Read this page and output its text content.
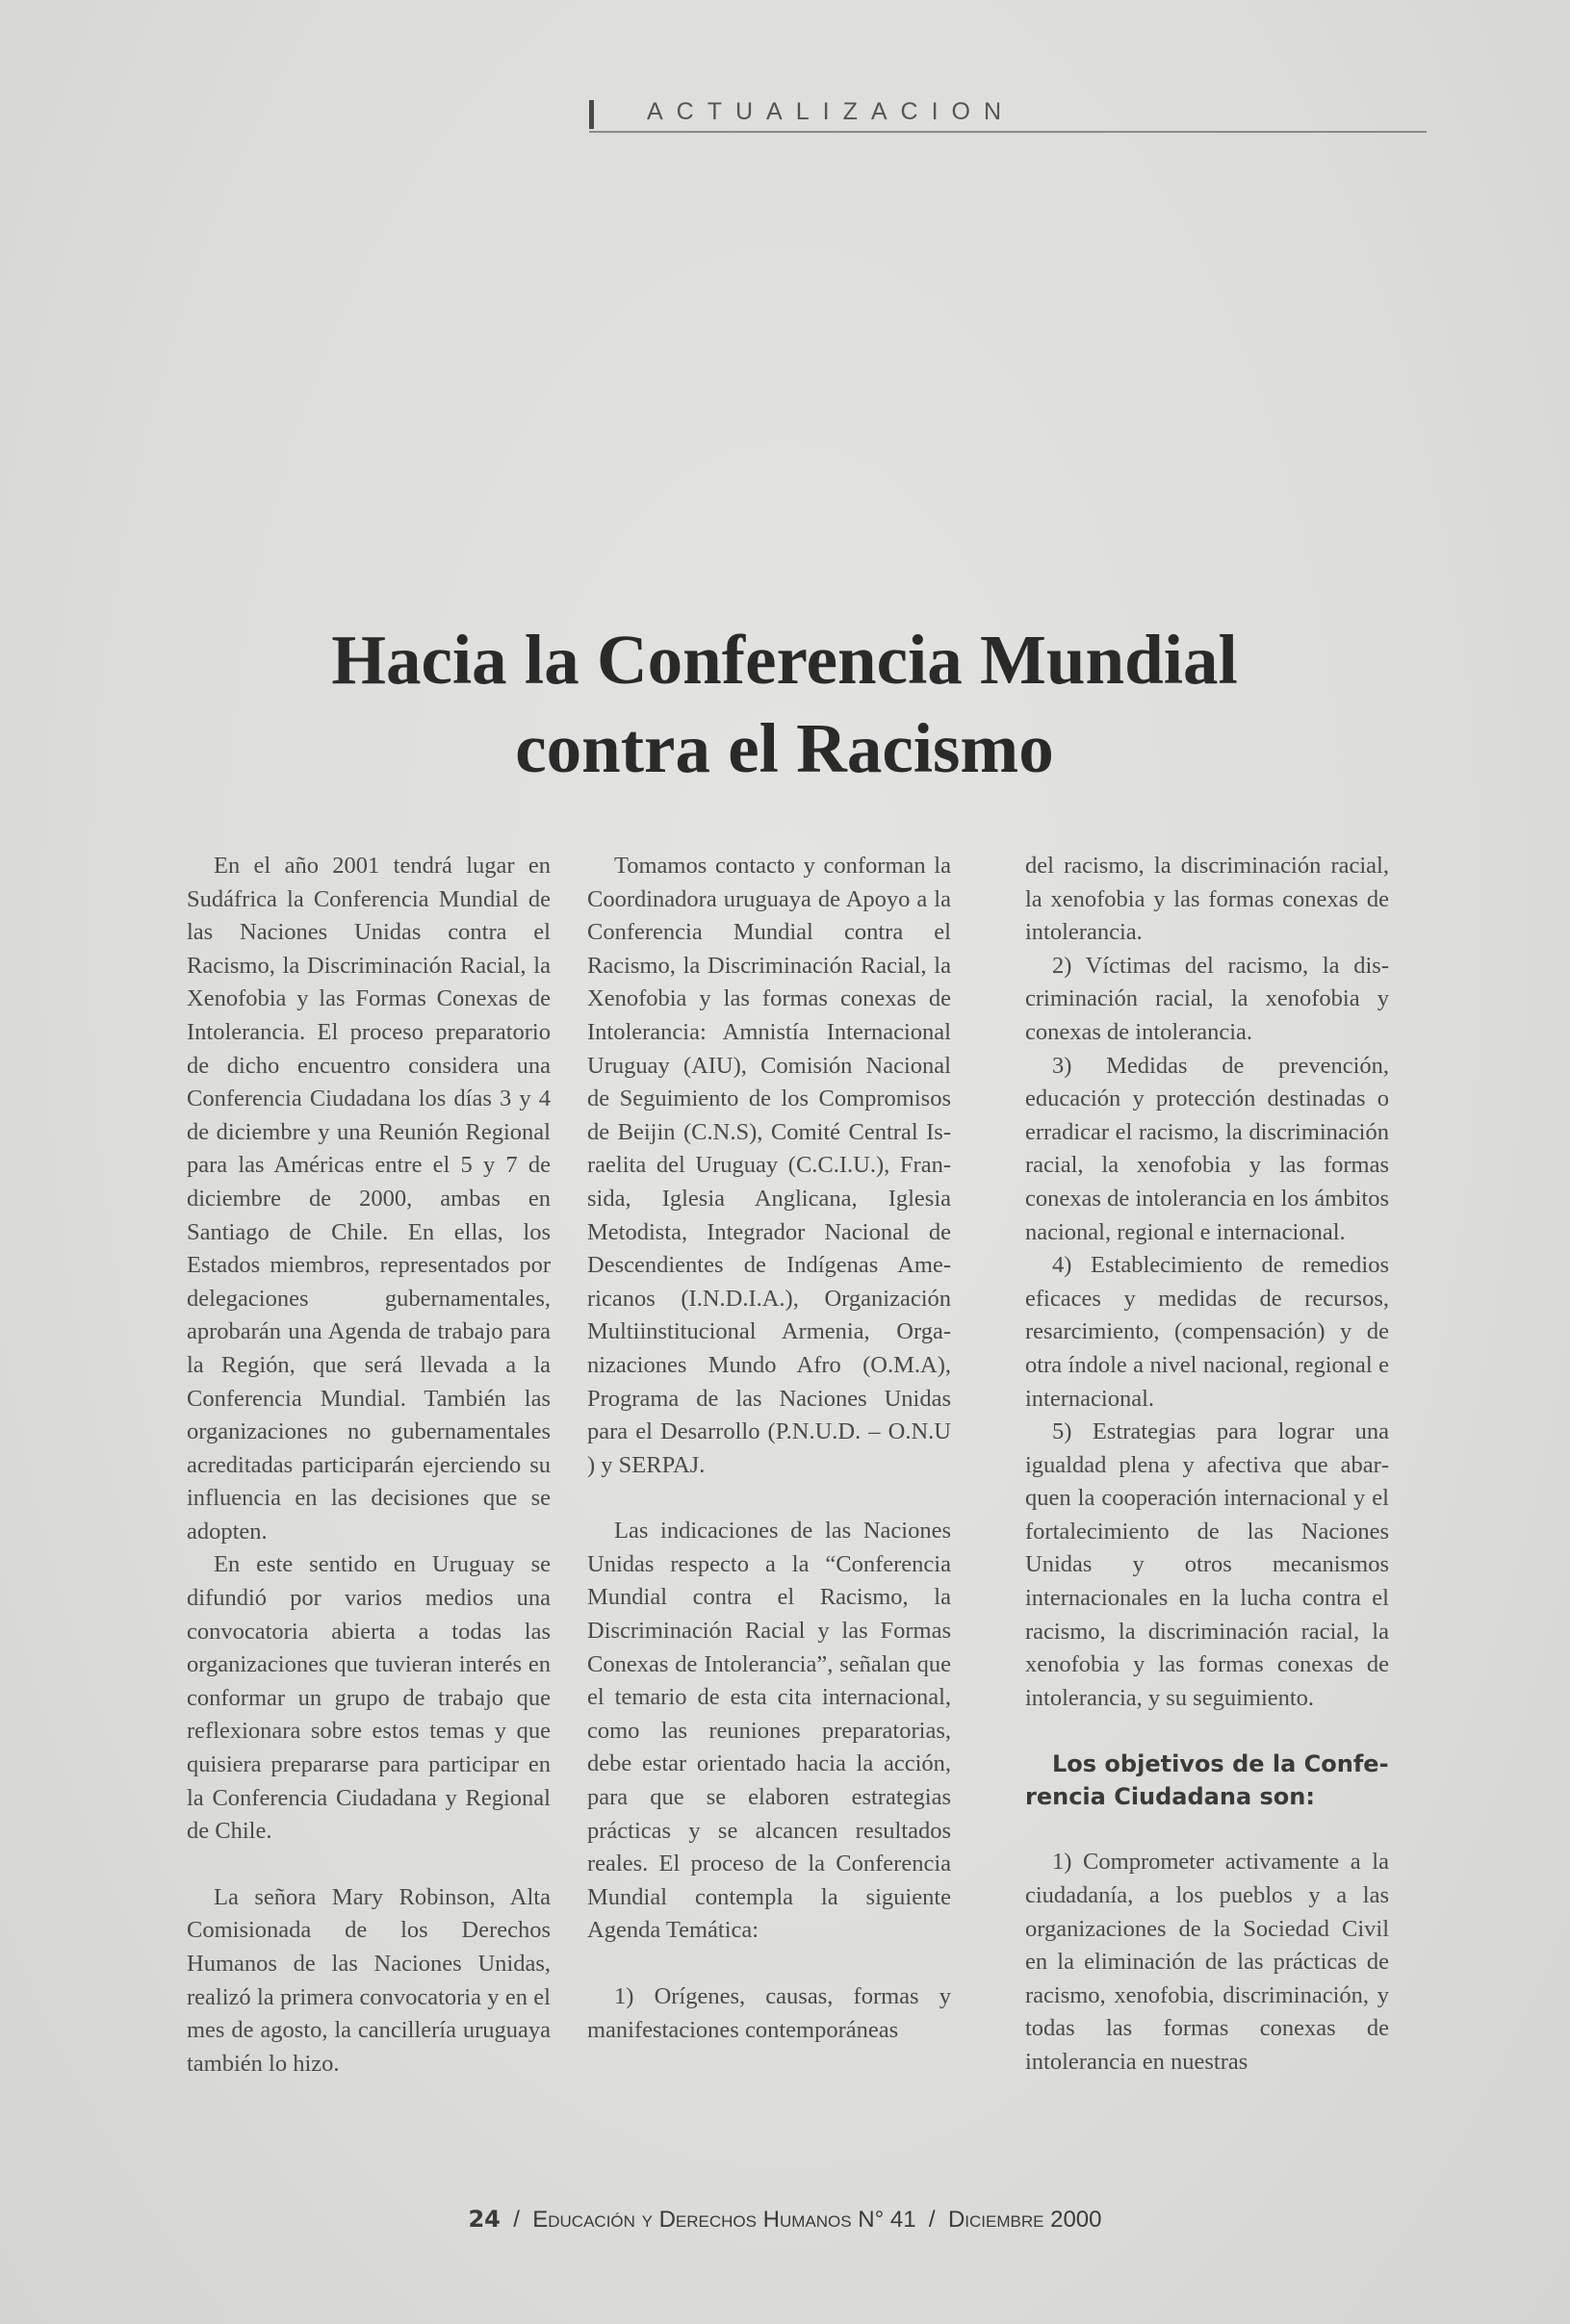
ACTUALIZACION
Hacia la Conferencia Mundial
contra el Racismo

En el año 2001 tendrá lugar en Sudáfrica la Conferencia Mundial de las Naciones Unidas contra el Racismo, la Discriminación Racial, la Xenofobia y las Formas Conexas de Intolerancia. El proceso preparatorio de dicho encuentro considera una Conferencia Ciudadana los días 3 y 4 de diciembre y una Reunión Regional para las Américas entre el 5 y 7 de diciembre de 2000, ambas en Santiago de Chile. En ellas, los Estados miembros, representados por delegaciones gubernamentales, aprobarán una Agenda de trabajo para la Región, que será llevada a la Conferencia Mundial. También las organizaciones no gubernamentales acreditadas participarán ejerciendo su influencia en las decisiones que se adopten.

En este sentido en Uruguay se difundió por varios medios una convocatoria abierta a todas las organizaciones que tuvieran interés en conformar un grupo de trabajo que reflexionara sobre estos temas y que quisiera prepararse para participar en la Conferencia Ciudadana y Regional de Chile.

La señora Mary Robinson, Alta Comisionada de los Derechos Humanos de las Naciones Unidas, realizó la primera convocatoria y en el mes de agosto, la cancillería uruguaya también lo hizo.

Tomamos contacto y conforman la Coordinadora uruguaya de Apoyo a la Conferencia Mundial contra el Racismo, la Discriminación Racial, la Xenofobia y las formas conexas de Intolerancia: Amnistía Internacional Uruguay (AIU), Comisión Nacional de Seguimiento de los Compromisos de Beijin (C.N.S), Comité Central Israelita del Uruguay (C.C.I.U.), Fransida, Iglesia Anglicana, Iglesia Metodista, Integrador Nacional de Descendientes de Indígenas Americanos (I.N.D.I.A.), Organización Multiinstitucional Armenia, Organizaciones Mundo Afro (O.M.A), Programa de las Naciones Unidas para el Desarrollo (P.N.U.D. – O.N.U ) y SERPAJ.

Las indicaciones de las Naciones Unidas respecto a la “Conferencia Mundial contra el Racismo, la Discriminación Racial y las Formas Conexas de Intolerancia”, señalan que el temario de esta cita internacional, como las reuniones preparatorias, debe estar orientado hacia la acción, para que se elaboren estrategias prácticas y se alcancen resultados reales. El proceso de la Conferencia Mundial contempla la siguiente Agenda Temática:

1) Orígenes, causas, formas y manifestaciones contemporáneas

del racismo, la discriminación racial, la xenofobia y las formas conexas de intolerancia.

2) Víctimas del racismo, la discriminación racial, la xenofobia y conexas de intolerancia.

3) Medidas de prevención, educación y protección destinadas o erradicar el racismo, la discriminación racial, la xenofobia y las formas conexas de intolerancia en los ámbitos nacional, regional e internacional.

4) Establecimiento de remedios eficaces y medidas de recursos, resarcimiento, (compensación) y de otra índole a nivel nacional, regional e internacional.

5) Estrategias para lograr una igualdad plena y afectiva que abarquen la cooperación internacional y el fortalecimiento de las Naciones Unidas y otros mecanismos internacionales en la lucha contra el racismo, la discriminación racial, la xenofobia y las formas conexas de intolerancia, y su seguimiento.

Los objetivos de la Conferencia Ciudadana son:

1) Comprometer activamente a la ciudadanía, a los pueblos y a las organizaciones de la Sociedad Civil en la eliminación de las prácticas de racismo, xenofobia, discriminación, y todas las formas conexas de intolerancia en nuestras

24 / Educación y Derechos Humanos N° 41 / Diciembre 2000
